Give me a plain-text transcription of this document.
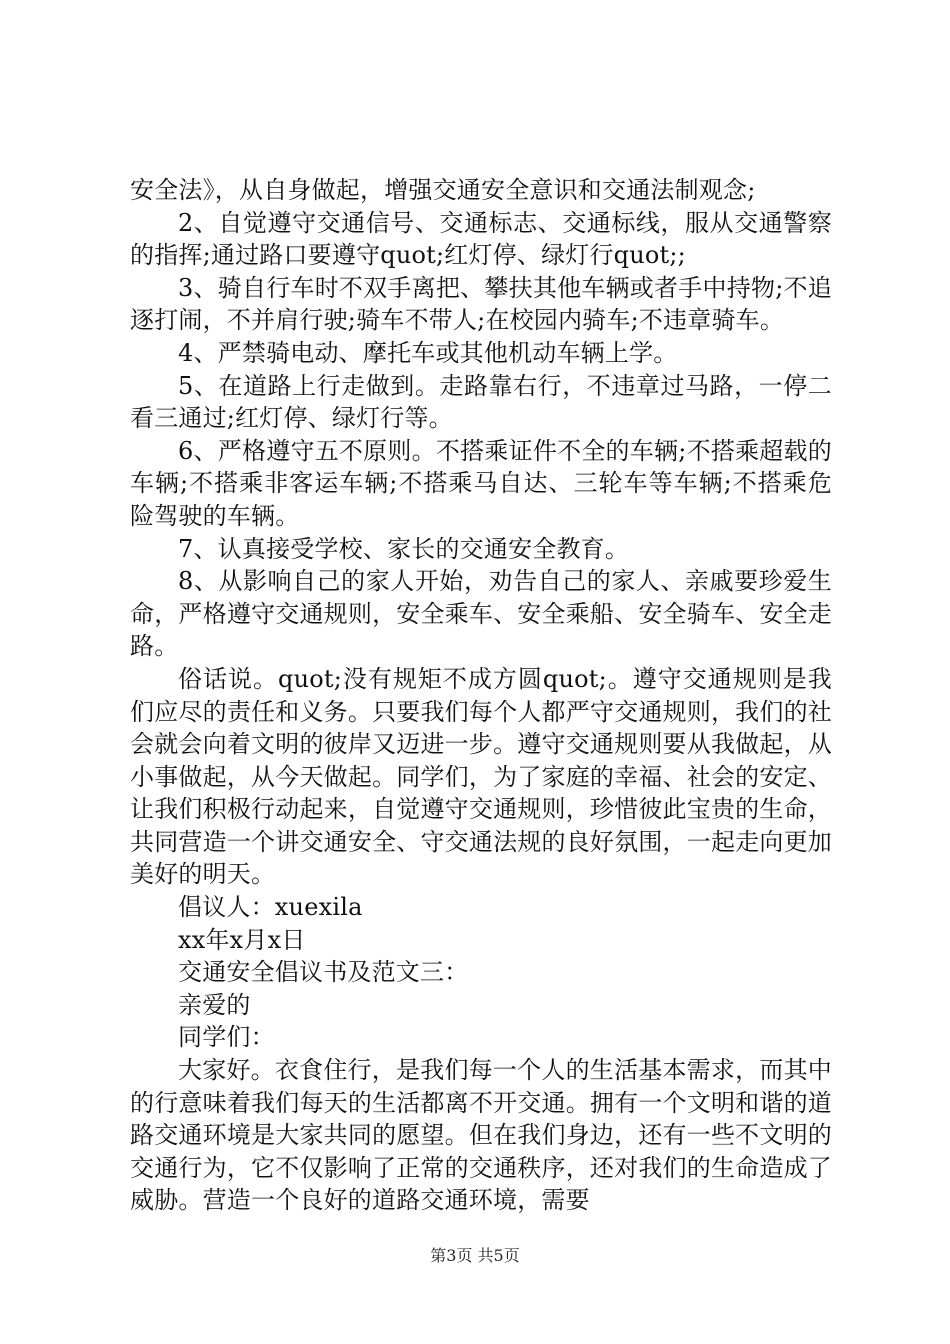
安全法》，从自身做起，增强交通安全意识和交通法制观念;

2、自觉遵守交通信号、交通标志、交通标线，服从交通警察的指挥;通过路口要遵守quot;红灯停、绿灯行quot;;

3、骑自行车时不双手离把、攀扶其他车辆或者手中持物;不追逐打闹，不并肩行驶;骑车不带人;在校园内骑车;不违章骑车。

4、严禁骑电动、摩托车或其他机动车辆上学。

5、在道路上行走做到。走路靠右行，不违章过马路，一停二看三通过;红灯停、绿灯行等。

6、严格遵守五不原则。不搭乘证件不全的车辆;不搭乘超载的车辆;不搭乘非客运车辆;不搭乘马自达、三轮车等车辆;不搭乘危险驾驶的车辆。

7、认真接受学校、家长的交通安全教育。

8、从影响自己的家人开始，劝告自己的家人、亲戚要珍爱生命，严格遵守交通规则，安全乘车、安全乘船、安全骑车、安全走路。

俗话说。quot;没有规矩不成方圆quot;。遵守交通规则是我们应尽的责任和义务。只要我们每个人都严守交通规则，我们的社会就会向着文明的彼岸又迈进一步。遵守交通规则要从我做起，从小事做起，从今天做起。同学们，为了家庭的幸福、社会的安定、让我们积极行动起来，自觉遵守交通规则，珍惜彼此宝贵的生命，共同营造一个讲交通安全、守交通法规的良好氛围，一起走向更加美好的明天。

倡议人：xuexila

xx年x月x日

交通安全倡议书及范文三：

亲爱的

同学们：

大家好。衣食住行，是我们每一个人的生活基本需求，而其中的行意味着我们每天的生活都离不开交通。拥有一个文明和谐的道路交通环境是大家共同的愿望。但在我们身边，还有一些不文明的交通行为，它不仅影响了正常的交通秩序，还对我们的生命造成了威胁。营造一个良好的道路交通环境，需要

第3页 共5页
